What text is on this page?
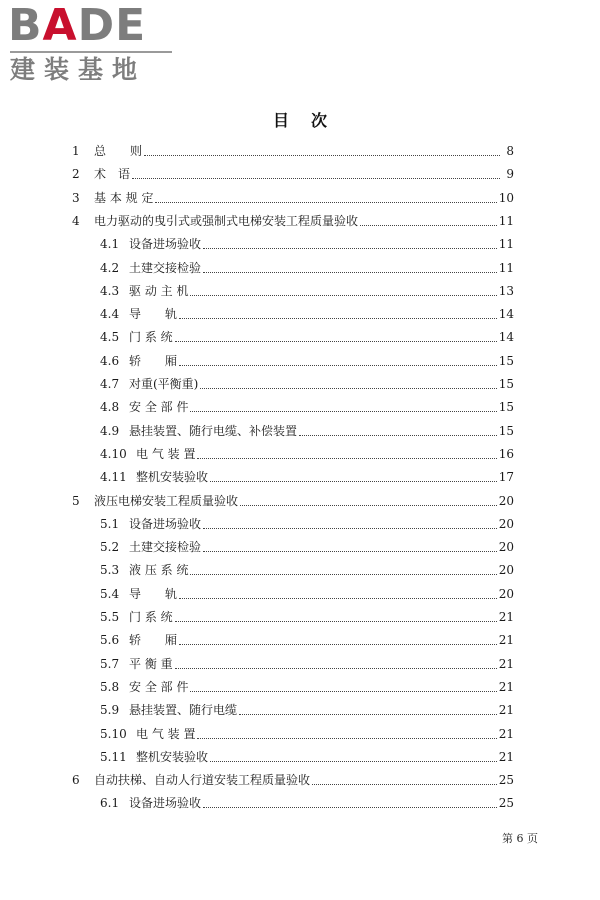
BADE
建装基地
目次
1	总　　则	8
2	术　语	9
3	基 本 规 定	10
4	电力驱动的曳引式或强制式电梯安装工程质量验收	11
4.1 设备进场验收	11
4.2 土建交接检验	11
4.3 驱 动 主 机	13
4.4 导　　轨	14
4.5 门 系 统	14
4.6 轿　　厢	15
4.7 对重(平衡重)	15
4.8 安 全 部 件	15
4.9 悬挂装置、随行电缆、补偿装置	15
4.10 电 气 装 置	16
4.11 整机安装验收	17
5	液压电梯安装工程质量验收	20
5.1 设备进场验收	20
5.2 土建交接检验	20
5.3 液 压 系 统	20
5.4 导　　轨	20
5.5 门 系 统	21
5.6 轿　　厢	21
5.7 平 衡 重	21
5.8 安 全 部 件	21
5.9 悬挂装置、随行电缆	21
5.10 电 气 装 置	21
5.11 整机安装验收	21
6	自动扶梯、自动人行道安装工程质量验收	25
6.1 设备进场验收	25
第 6 页
